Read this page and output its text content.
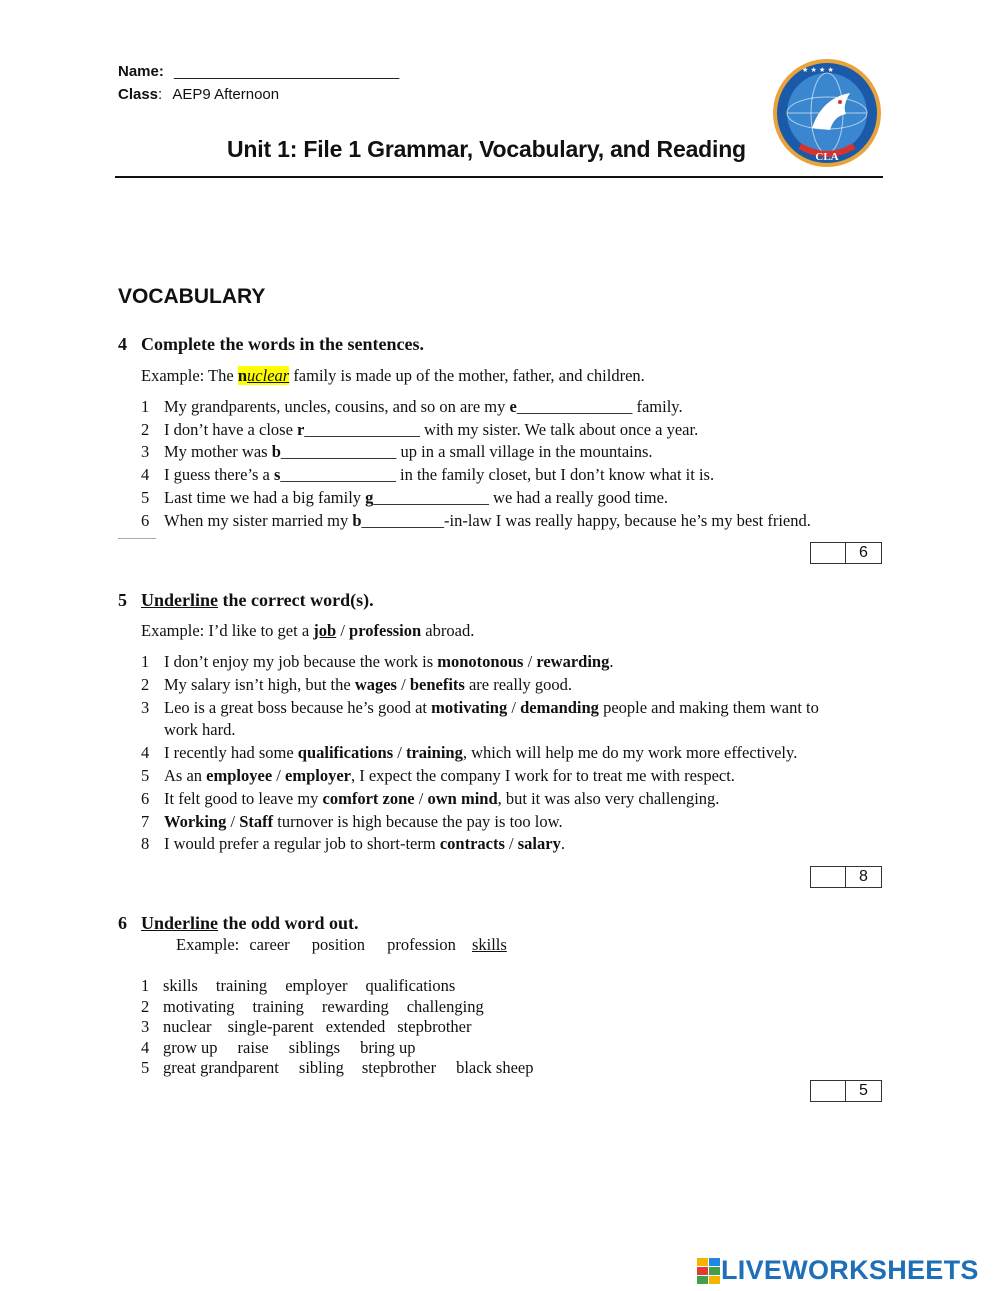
Name: ___________________________
Class: AEP9 Afternoon
Unit 1: File 1 Grammar, Vocabulary, and Reading
★ ★ ★ ★
CLA
VOCABULARY
4 Complete the words in the sentences.
Example: The nuclear family is made up of the mother, father, and children.
1 My grandparents, uncles, cousins, and so on are my e______________ family.
2 I don’t have a close r______________ with my sister. We talk about once a year.
3 My mother was b______________ up in a small village in the mountains.
4 I guess there’s a s______________ in the family closet, but I don’t know what it is.
5 Last time we had a big family g______________ we had a really good time.
6 When my sister married my b__________-in-law I was really happy, because he’s my best friend.
6
5 Underline the correct word(s).
Example: I’d like to get a job / profession abroad.
1 I don’t enjoy my job because the work is monotonous / rewarding.
2 My salary isn’t high, but the wages / benefits are really good.
3 Leo is a great boss because he’s good at motivating / demanding people and making them want to
work hard.
4 I recently had some qualifications / training, which will help me do my work more effectively.
5 As an employee / employer, I expect the company I work for to treat me with respect.
6 It felt good to leave my comfort zone / own mind, but it was also very challenging.
7 Working / Staff turnover is high because the pay is too low.
8 I would prefer a regular job to short-term contracts / salary.
8
6 Underline the odd word out.
Example: career position profession skills
1 skills training employer qualifications
2 motivating training rewarding challenging
3 nuclear single-parent extended stepbrother
4 grow up raise siblings bring up
5 great grandparent sibling stepbrother black sheep
5
LIVEWORKSHEETS
